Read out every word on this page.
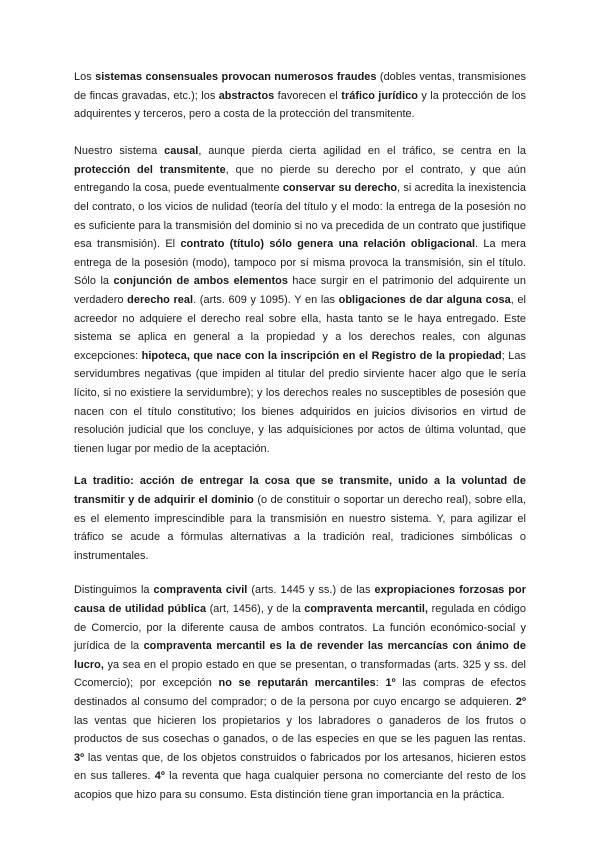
Los sistemas consensuales provocan numerosos fraudes (dobles ventas, transmisiones de fincas gravadas, etc.); los abstractos favorecen el tráfico jurídico y la protección de los adquirentes y terceros, pero a costa de la protección del transmitente.

Nuestro sistema causal, aunque pierda cierta agilidad en el tráfico, se centra en la protección del transmitente, que no pierde su derecho por el contrato, y que aún entregando la cosa, puede eventualmente conservar su derecho, si acredita la inexistencia del contrato, o los vicios de nulidad (teoría del título y el modo: la entrega de la posesión no es suficiente para la transmisión del dominio si no va precedida de un contrato que justifique esa transmisión). El contrato (título) sólo genera una relación obligacional. La mera entrega de la posesión (modo), tampoco por sí misma provoca la transmisión, sin el título. Sólo la conjunción de ambos elementos hace surgir en el patrimonio del adquirente un verdadero derecho real. (arts. 609 y 1095). Y en las obligaciones de dar alguna cosa, el acreedor no adquiere el derecho real sobre ella, hasta tanto se le haya entregado. Este sistema se aplica en general a la propiedad y a los derechos reales, con algunas excepciones: hipoteca, que nace con la inscripción en el Registro de la propiedad; Las servidumbres negativas (que impiden al titular del predio sirviente hacer algo que le sería lícito, si no existiere la servidumbre); y los derechos reales no susceptibles de posesión que nacen con el título constitutivo; los bienes adquiridos en juicios divisorios en virtud de resolución judicial que los concluye, y las adquisiciones por actos de última voluntad, que tienen lugar por medio de la aceptación.

La traditio: acción de entregar la cosa que se transmite, unido a la voluntad de transmitir y de adquirir el dominio (o de constituir o soportar un derecho real), sobre ella, es el elemento imprescindible para la transmisión en nuestro sistema. Y, para agilizar el tráfico se acude a fórmulas alternativas a la tradición real, tradiciones simbólicas o instrumentales.

Distinguimos la compraventa civil (arts. 1445 y ss.) de las expropiaciones forzosas por causa de utilidad pública (art, 1456), y de la compraventa mercantil, regulada en código de Comercio, por la diferente causa de ambos contratos. La función económico-social y jurídica de la compraventa mercantil es la de revender las mercancías con ánimo de lucro, ya sea en el propio estado en que se presentan, o transformadas (arts. 325 y ss. del Ccomercio); por excepción no se reputarán mercantiles: 1º las compras de efectos destinados al consumo del comprador; o de la persona por cuyo encargo se adquieren. 2º las ventas que hicieren los propietarios y los labradores o ganaderos de los frutos o productos de sus cosechas o ganados, o de las especies en que se les paguen las rentas. 3º las ventas que, de los objetos construidos o fabricados por los artesanos, hicieren estos en sus talleres. 4º la reventa que haga cualquier persona no comerciante del resto de los acopios que hizo para su consumo. Esta distinción tiene gran importancia en la práctica.
